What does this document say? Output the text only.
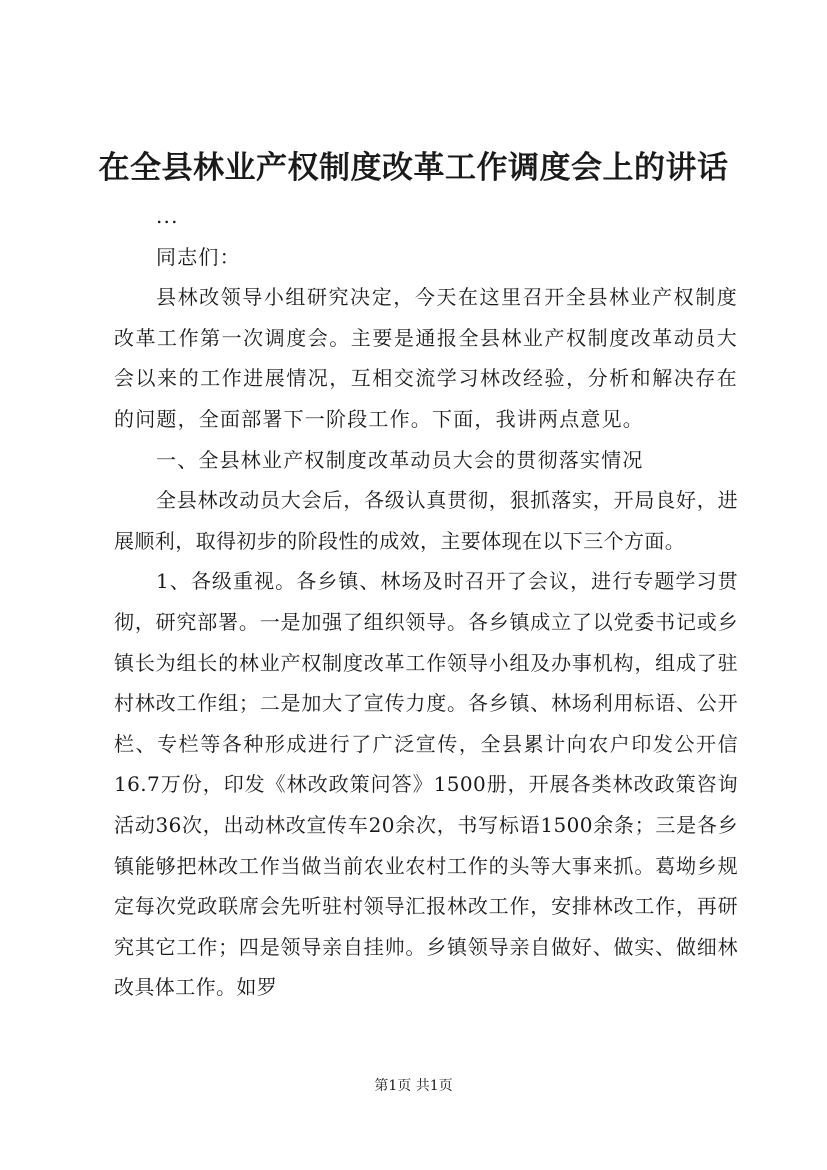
在全县林业产权制度改革工作调度会上的讲话

...

同志们：

县林改领导小组研究决定，今天在这里召开全县林业产权制度改革工作第一次调度会。主要是通报全县林业产权制度改革动员大会以来的工作进展情况，互相交流学习林改经验，分析和解决存在的问题，全面部署下一阶段工作。下面，我讲两点意见。

一、全县林业产权制度改革动员大会的贯彻落实情况

全县林改动员大会后，各级认真贯彻，狠抓落实，开局良好，进展顺利，取得初步的阶段性的成效，主要体现在以下三个方面。

1、各级重视。各乡镇、林场及时召开了会议，进行专题学习贯彻，研究部署。一是加强了组织领导。各乡镇成立了以党委书记或乡镇长为组长的林业产权制度改革工作领导小组及办事机构，组成了驻村林改工作组；二是加大了宣传力度。各乡镇、林场利用标语、公开栏、专栏等各种形成进行了广泛宣传，全县累计向农户印发公开信16.7万份，印发《林改政策问答》1500册，开展各类林改政策咨询活动36次，出动林改宣传车20余次，书写标语1500余条；三是各乡镇能够把林改工作当做当前农业农村工作的头等大事来抓。葛坳乡规定每次党政联席会先听驻村领导汇报林改工作，安排林改工作，再研究其它工作；四是领导亲自挂帅。乡镇领导亲自做好、做实、做细林改具体工作。如罗

第1页 共1页
